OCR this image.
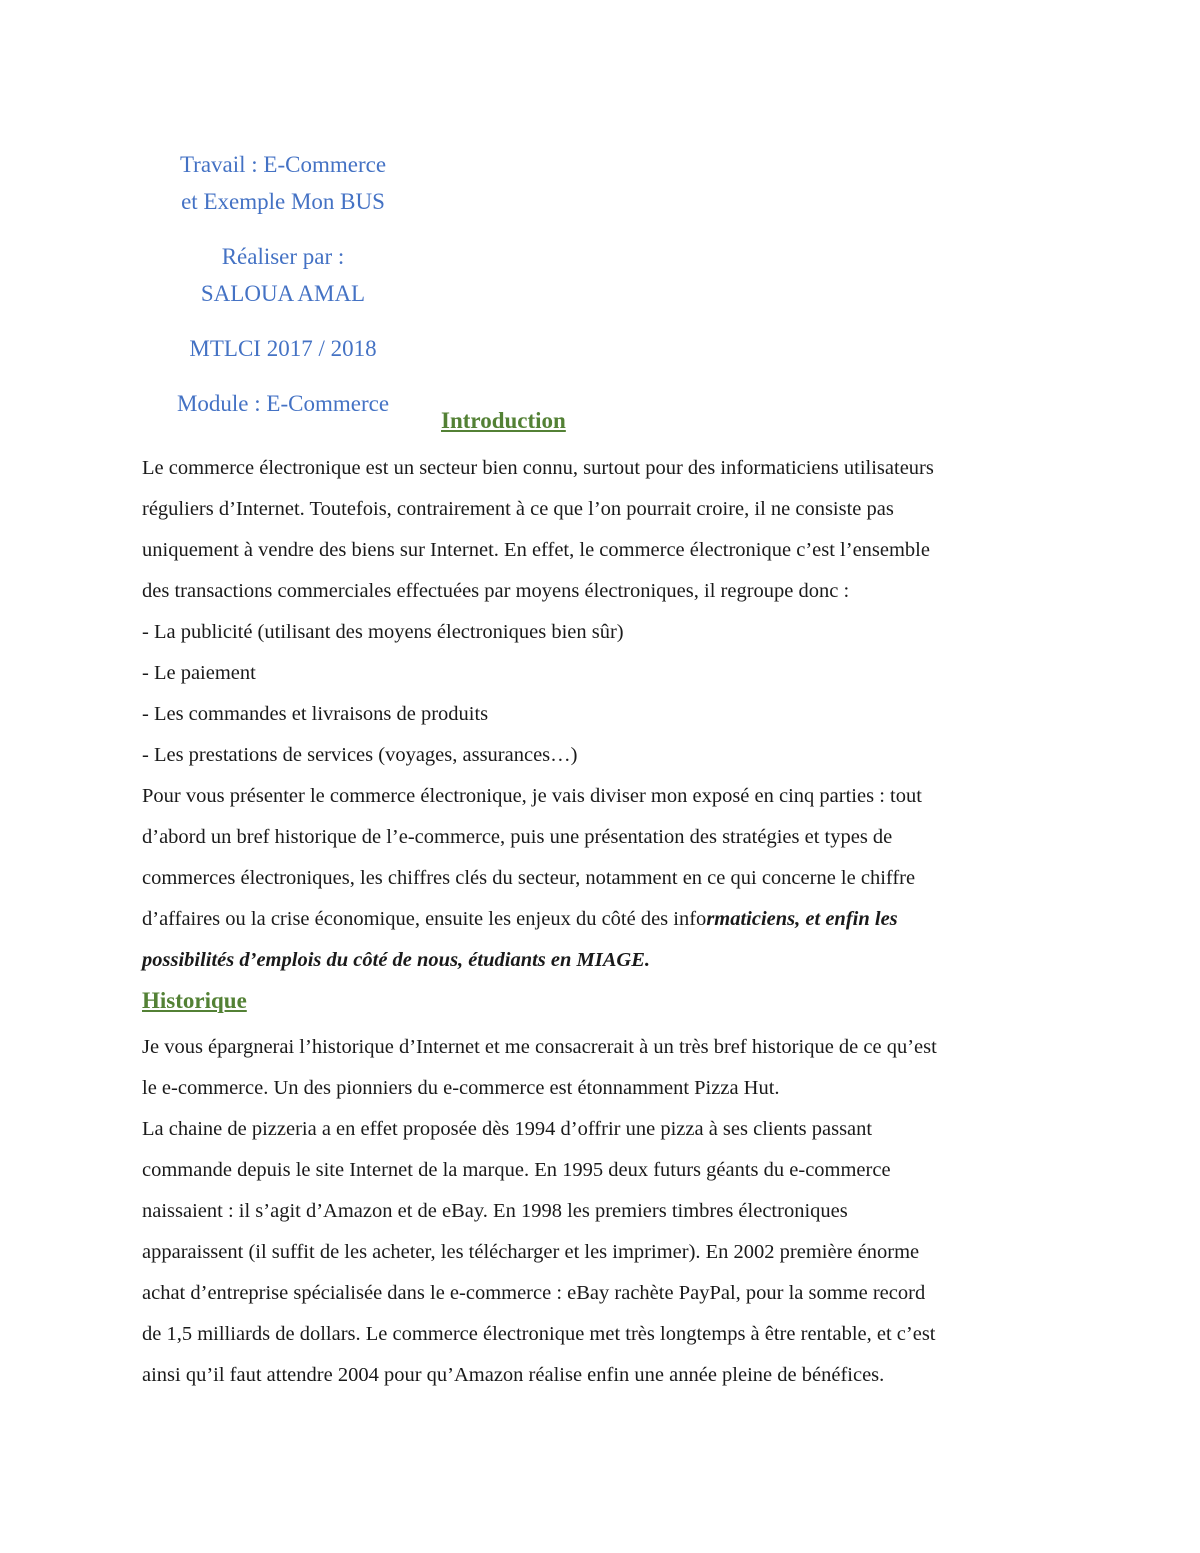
Travail : E-Commerce
et Exemple Mon BUS
Réaliser par :
SALOUA AMAL
MTLCI 2017 / 2018
Module : E-Commerce
Introduction

Le commerce électronique est un secteur bien connu, surtout pour des informaticiens utilisateurs

réguliers d’Internet. Toutefois, contrairement à ce que l’on pourrait croire, il ne consiste pas

uniquement à vendre des biens sur Internet. En effet, le commerce électronique c’est l’ensemble

des transactions commerciales effectuées par moyens électroniques, il regroupe donc :

- La publicité (utilisant des moyens électroniques bien sûr)

- Le paiement

- Les commandes et livraisons de produits

- Les prestations de services (voyages, assurances…)

Pour vous présenter le commerce électronique, je vais diviser mon exposé en cinq parties : tout

d’abord un bref historique de l’e-commerce, puis une présentation des stratégies et types de

commerces électroniques, les chiffres clés du secteur, notamment en ce qui concerne le chiffre

d’affaires ou la crise économique, ensuite les enjeux du côté des informaticiens, et enfin les

possibilités d’emplois du côté de nous, étudiants en MIAGE.

Historique

Je vous épargnerai l’historique d’Internet et me consacrerait à un très bref historique de ce qu’est

le e-commerce. Un des pionniers du e-commerce est étonnamment Pizza Hut.

La chaine de pizzeria a en effet proposée dès 1994 d’offrir une pizza à ses clients passant

commande depuis le site Internet de la marque. En 1995 deux futurs géants du e-commerce

naissaient : il s’agit d’Amazon et de eBay. En 1998 les premiers timbres électroniques

apparaissent (il suffit de les acheter, les télécharger et les imprimer). En 2002 première énorme

achat d’entreprise spécialisée dans le e-commerce : eBay rachète PayPal, pour la somme record

de 1,5 milliards de dollars. Le commerce électronique met très longtemps à être rentable, et c’est

ainsi qu’il faut attendre 2004 pour qu’Amazon réalise enfin une année pleine de bénéfices.
